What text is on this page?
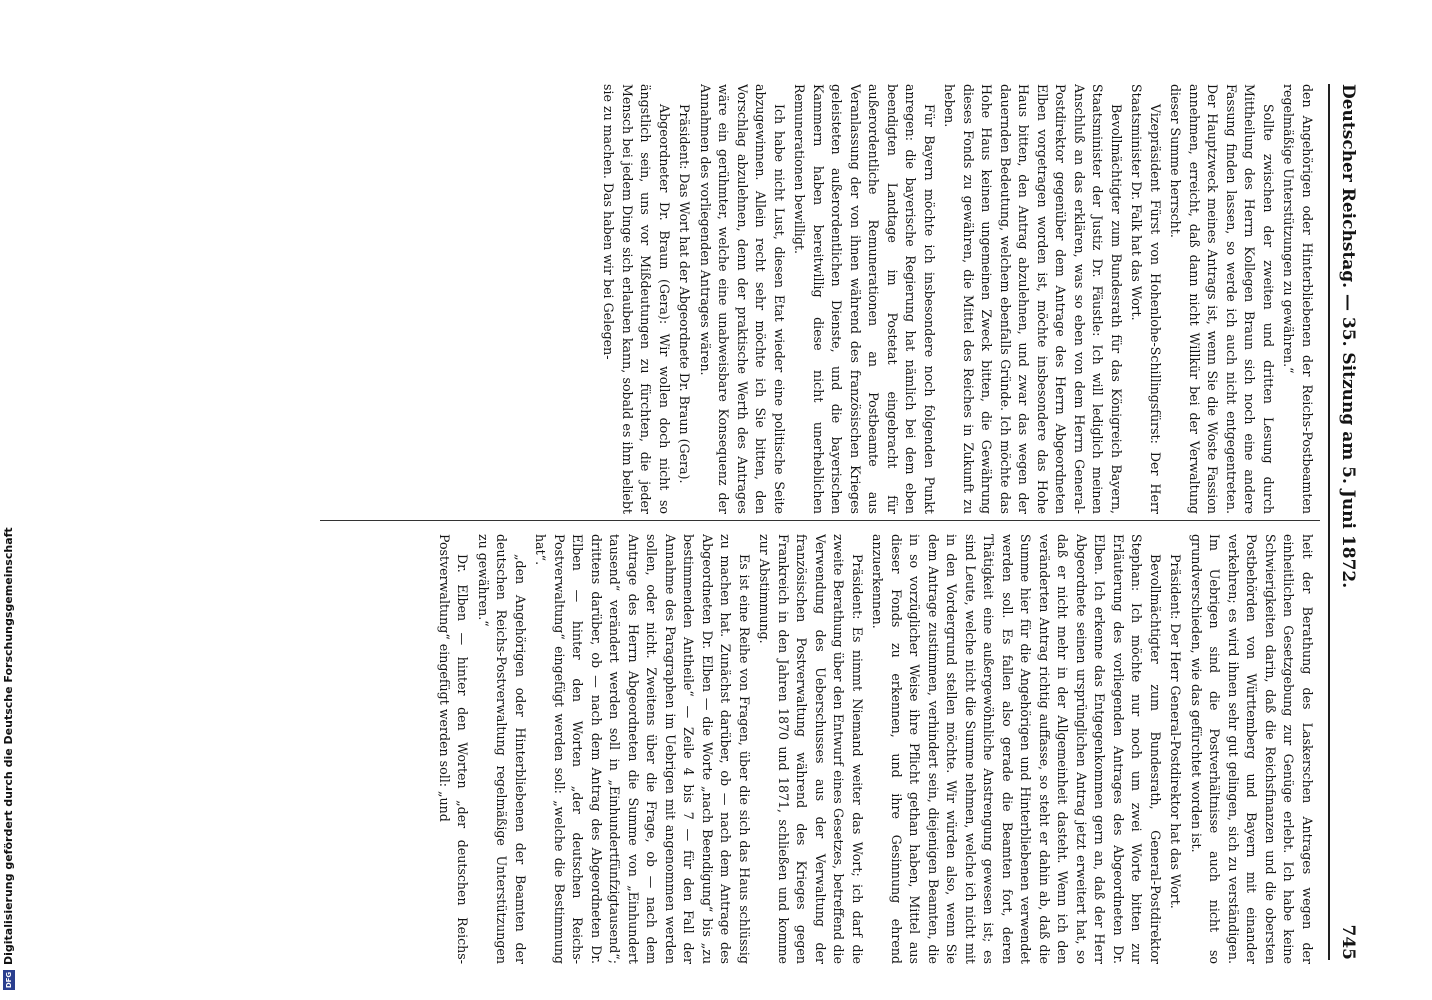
Deutscher Reichstag. — 35. Sitzung am 5. Juni 1872.
745

den Angehörigen oder Hinterbliebenen der Reichs-Postbeamten regelmäßige Unterstützungen zu gewähren.“

Sollte zwischen der zweiten und dritten Lesung durch Mittheilung des Herrn Kollegen Braun sich noch eine andere Fassung finden lassen, so werde ich auch nicht entgegentreten. Der Hauptzweck meines Antrags ist, wenn Sie die Woste Fassion annehmen, erreicht, daß dann nicht Willkür bei der Verwaltung dieser Summe herrscht.

Vizepräsident Fürst von Hohenlohe-Schillingsfürst: Der Herr Staatsminister Dr. Falk hat das Wort.

Bevollmächtigter zum Bundesrath für das Königreich Bayern, Staatsminister der Justiz Dr. Fäustle: Ich will lediglich meinen Anschluß an das erklären, was so eben von dem Herrn General-Postdirektor gegenüber dem Antrage des Herrn Abgeordneten Elben vorgetragen worden ist, möchte insbesondere das Hohe Haus bitten, den Antrag abzulehnen, und zwar das wegen der dauernden Bedeutung, welchem ebenfalls Gründe. Ich möchte das Hohe Haus keinen ungemeinen Zweck bitten, die Gewährung dieses Fonds zu gewähren, die Mittel des Reiches in Zukunft zu heben.

Für Bayern möchte ich insbesondere noch folgenden Punkt anregen: die bayerische Regierung hat nämlich bei dem eben beendigten Landtage im Postetat eingebracht für außerordentliche Remunerationen an Postbeamte aus Veranlassung der von ihnen während des französischen Krieges geleisteten außerordentlichen Dienste, und die bayerischen Kammern haben bereitwillig diese nicht unerheblichen Remunerationen bewilligt.

Ich habe nicht Lust, diesen Etat wieder eine politische Seite abzugewinnen. Allein recht sehr möchte ich Sie bitten, den Vorschlag abzulehnen, denn der praktische Werth des Antrages wäre ein gerühmter, welche eine unabweisbare Konsequenz der Annahmen des vorliegenden Antrages wären.

Präsident: Das Wort hat der Abgeordnete Dr. Braun (Gera).

Abgeordneter Dr. Braun (Gera): Wir wollen doch nicht so ängstlich sein, uns vor Mißdeutungen zu fürchten, die jeder Mensch bei jedem Dinge sich erlauben kann, sobald es ihm beliebt sie zu machen. Das haben wir bei Gelegen-

heit der Berathung des Laskerschen Antrages wegen der einheitlichen Gesetzgebung zur Genüge erlebt. Ich habe keine Schwierigkeiten darin, daß die Reichsfinanzen und die obersten Postbehörden von Württemberg und Bayern mit einander verkehren; es wird ihnen sehr gut gelingen, sich zu verständigen. Im Uebrigen sind die Postverhältnisse auch nicht so grundverschieden, wie das gefürchtet worden ist.

Präsident: Der Herr General-Postdirektor hat das Wort.

Bevollmächtigter zum Bundesrath, General-Postdirektor Stephan: Ich möchte nur noch um zwei Worte bitten zur Erläuterung des vorliegenden Antrages des Abgeordneten Dr. Elben. Ich erkenne das Entgegenkommen gern an, daß der Herr Abgeordnete seinen ursprünglichen Antrag jetzt erweitert hat, so daß er nicht mehr in der Allgemeinheit dasteht. Wenn ich den veränderten Antrag richtig auffasse, so steht er dahin ab, daß die Summe hier für die Angehörigen und Hinterbliebenen verwendet werden soll. Es fallen also gerade die Beamten fort, deren Thätigkeit eine außergewöhnliche Anstrengung gewesen ist; es sind Leute, welche nicht die Summe nehmen, welche ich nicht mit in den Vordergrund stellen möchte. Wir würden also, wenn Sie dem Antrage zustimmen, verhindert sein, diejenigen Beamten, die in so vorzüglicher Weise ihre Pflicht gethan haben, Mittel aus dieser Fonds zu erkennen, und ihre Gesinnung ehrend anzuerkennen.

Präsident: Es nimmt Niemand weiter das Wort; ich darf die zweite Berathung über den Entwurf eines Gesetzes, betreffend die Verwendung des Ueberschusses aus der Verwaltung der französischen Postverwaltung während des Krieges gegen Frankreich in den Jahren 1870 und 1871, schließen und komme zur Abstimmung.

Es ist eine Reihe von Fragen, über die sich das Haus schlüssig zu machen hat. Zunächst darüber, ob — nach dem Antrage des Abgeordneten Dr. Elben — die Worte „nach Beendigung“ bis „zu bestimmenden Antheile“ — Zeile 4 bis 7 — für den Fall der Annahme des Paragraphen im Uebrigen mit angenommen werden sollen, oder nicht. Zweitens über die Frage, ob — nach dem Antrage des Herrn Abgeordneten die Summe von „Einhundert tausend“ verändert werden soll in „Einhundertfünfzigtausend“; drittens darüber, ob — nach dem Antrag des Abgeordneten Dr. Elben — hinter den Worten „der deutschen Reichs-Postverwaltung“ eingefügt werden soll: „welche die Bestimmung hat“.

„den Angehörigen oder Hinterbliebenen der Beamten der deutschen Reichs-Postverwaltung regelmäßige Unterstützungen zu gewähren.“

Dr. Elben — hinter den Worten „der deutschen Reichs-Postverwaltung“ eingefügt werden soll: „und

DFGDigitalisierung gefördert durch die Deutsche Forschungsgemeinschaft
